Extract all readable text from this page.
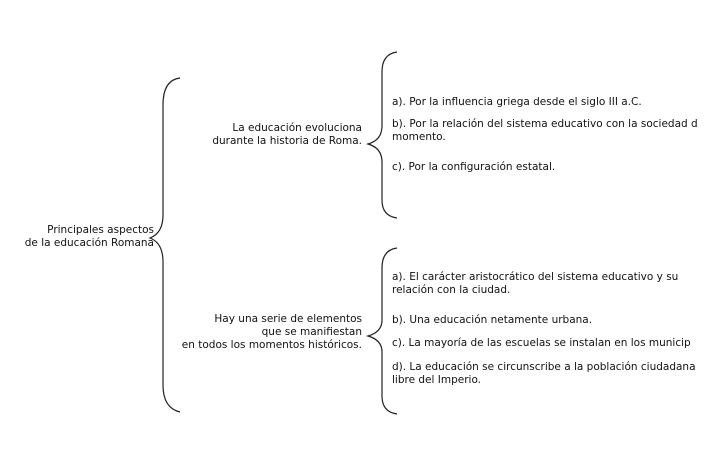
Principales aspectos
de la educación Romana
La educación evoluciona
durante la historia de Roma.
a). Por la influencia griega desde el siglo III a.C.
b). Por la relación del sistema educativo con la sociedad d
momento.
c). Por la configuración estatal.
Hay una serie de elementos
que se manifiestan
en todos los momentos históricos.
a). El carácter aristocrático del sistema educativo y su
relación con la ciudad.
b). Una educación netamente urbana.
c). La mayoría de las escuelas se instalan en los municip
d). La educación se circunscribe a la población ciudadana
libre del Imperio.
